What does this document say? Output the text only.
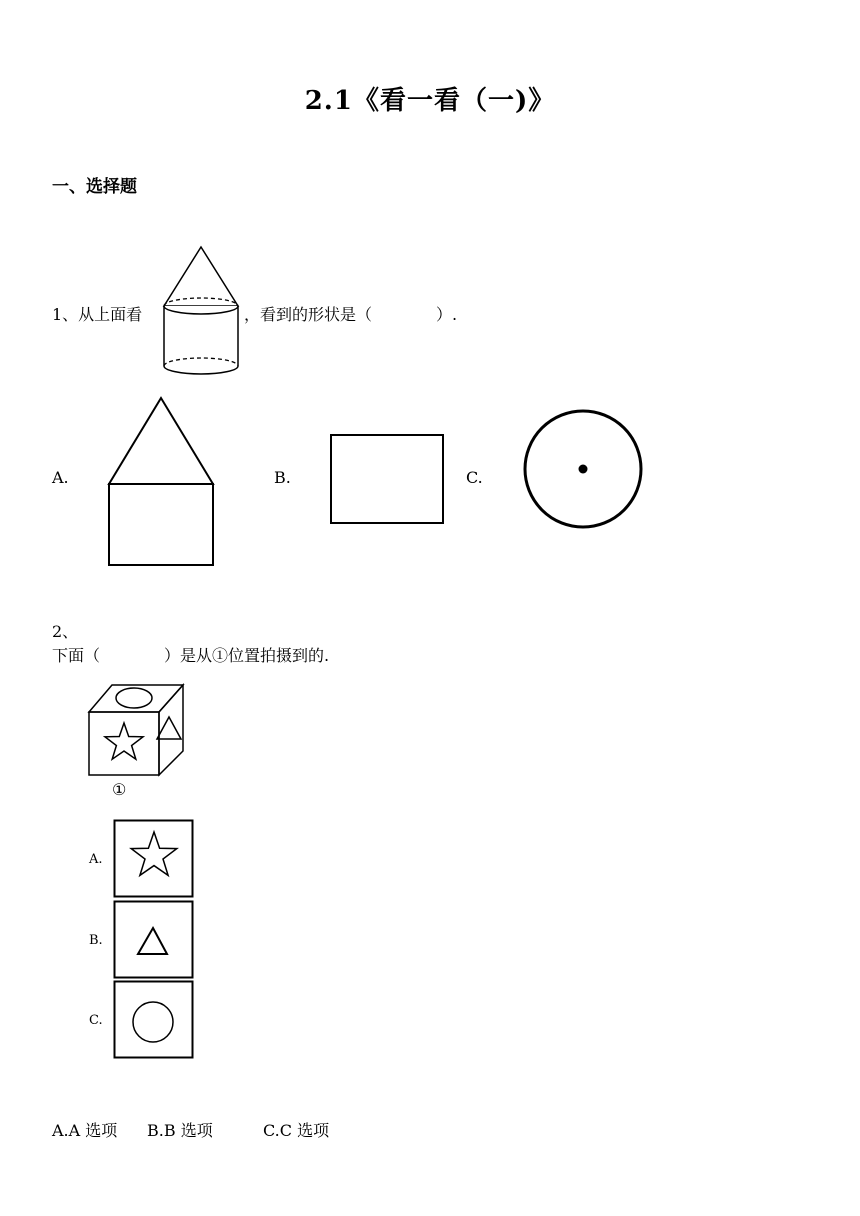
2.1《看一看（一)》
一、选择题
1、从上面看	，看到的形状是（　　　　）.
A.	B.	C.
2、
下面（　　　　）是从①位置拍摄到的.
①
A.
B.
C.
A.A 选项 B.B 选项	C.C 选项
